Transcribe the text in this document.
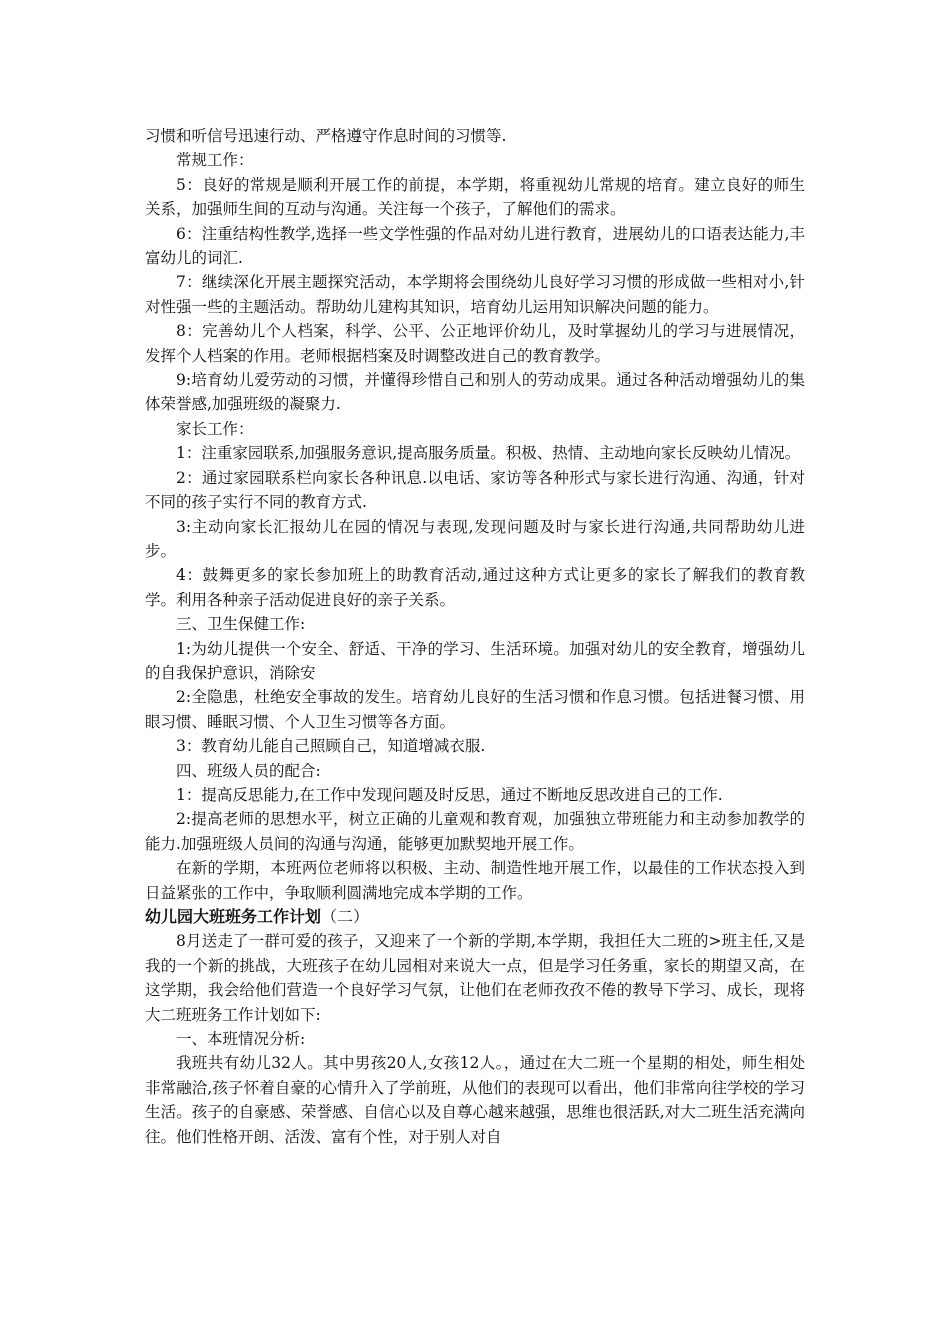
习惯和听信号迅速行动、严格遵守作息时间的习惯等.

常规工作：

5：良好的常规是顺利开展工作的前提，本学期，将重视幼儿常规的培育。建立良好的师生关系，加强师生间的互动与沟通。关注每一个孩子，了解他们的需求。

6：注重结构性教学,选择一些文学性强的作品对幼儿进行教育，进展幼儿的口语表达能力,丰富幼儿的词汇.

7：继续深化开展主题探究活动，本学期将会围绕幼儿良好学习习惯的形成做一些相对小,针对性强一些的主题活动。帮助幼儿建构其知识，培育幼儿运用知识解决问题的能力。

8：完善幼儿个人档案，科学、公平、公正地评价幼儿，及时掌握幼儿的学习与进展情况，发挥个人档案的作用。老师根据档案及时调整改进自己的教育教学。

9:培育幼儿爱劳动的习惯，并懂得珍惜自己和别人的劳动成果。通过各种活动增强幼儿的集体荣誉感,加强班级的凝聚力.

家长工作：

1：注重家园联系,加强服务意识,提高服务质量。积极、热情、主动地向家长反映幼儿情况。

2：通过家园联系栏向家长各种讯息.以电话、家访等各种形式与家长进行沟通、沟通，针对不同的孩子实行不同的教育方式.

3:主动向家长汇报幼儿在园的情况与表现,发现问题及时与家长进行沟通,共同帮助幼儿进步。

4：鼓舞更多的家长参加班上的助教育活动,通过这种方式让更多的家长了解我们的教育教学。利用各种亲子活动促进良好的亲子关系。

三、卫生保健工作:

1:为幼儿提供一个安全、舒适、干净的学习、生活环境。加强对幼儿的安全教育，增强幼儿的自我保护意识，消除安

2:全隐患，杜绝安全事故的发生。培育幼儿良好的生活习惯和作息习惯。包括进餐习惯、用眼习惯、睡眠习惯、个人卫生习惯等各方面。

3：教育幼儿能自己照顾自己，知道增减衣服.

四、班级人员的配合:

1：提高反思能力,在工作中发现问题及时反思，通过不断地反思改进自己的工作.

2:提高老师的思想水平，树立正确的儿童观和教育观，加强独立带班能力和主动参加教学的能力.加强班级人员间的沟通与沟通，能够更加默契地开展工作。

在新的学期，本班两位老师将以积极、主动、制造性地开展工作，以最佳的工作状态投入到日益紧张的工作中，争取顺利圆满地完成本学期的工作。

幼儿园大班班务工作计划（二）

8月送走了一群可爱的孩子，又迎来了一个新的学期,本学期，我担任大二班的>班主任,又是我的一个新的挑战，大班孩子在幼儿园相对来说大一点，但是学习任务重，家长的期望又高，在这学期，我会给他们营造一个良好学习气氛，让他们在老师孜孜不倦的教导下学习、成长，现将大二班班务工作计划如下:

一、本班情况分析:

我班共有幼儿32人。其中男孩20人,女孩12人。，通过在大二班一个星期的相处，师生相处非常融洽,孩子怀着自豪的心情升入了学前班，从他们的表现可以看出，他们非常向往学校的学习生活。孩子的自豪感、荣誉感、自信心以及自尊心越来越强，思维也很活跃,对大二班生活充满向往。他们性格开朗、活泼、富有个性，对于别人对自
